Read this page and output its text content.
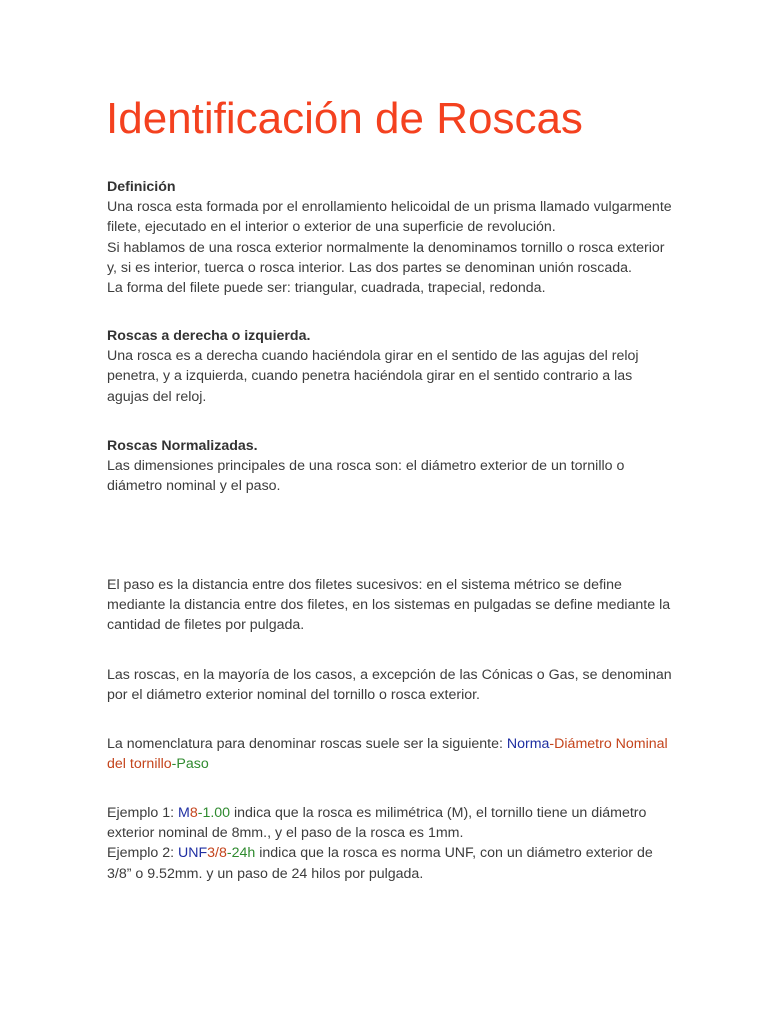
Identificación de Roscas
Definición
Una rosca esta formada por el enrollamiento helicoidal de un prisma llamado vulgarmente
filete, ejecutado en el interior o exterior de una superficie de revolución.
Si hablamos de una rosca exterior normalmente la denominamos tornillo o rosca exterior
y, si es interior, tuerca o rosca interior. Las dos partes se denominan unión roscada.
La forma del filete puede ser: triangular, cuadrada, trapecial, redonda.
Roscas a derecha o izquierda.
Una rosca es a derecha cuando haciéndola girar en el sentido de las agujas del reloj
penetra, y a izquierda, cuando penetra haciéndola girar en el sentido contrario a las
agujas del reloj.
Roscas Normalizadas.
Las dimensiones principales de una rosca son: el diámetro exterior de un tornillo o
diámetro nominal y el paso.
El paso es la distancia entre dos filetes sucesivos: en el sistema métrico se define
mediante la distancia entre dos filetes, en los sistemas en pulgadas se define mediante la
cantidad de filetes por pulgada.
Las roscas, en la mayoría de los casos, a excepción de las Cónicas o Gas, se denominan
por el diámetro exterior nominal del tornillo o rosca exterior.
La nomenclatura para denominar roscas suele ser la siguiente: Norma-Diámetro Nominal
del tornillo-Paso
Ejemplo 1: M8-1.00 indica que la rosca es milimétrica (M), el tornillo tiene un diámetro
exterior nominal de 8mm., y el paso de la rosca es 1mm.
Ejemplo 2: UNF3/8-24h indica que la rosca es norma UNF, con un diámetro exterior de
3/8” o 9.52mm. y un paso de 24 hilos por pulgada.
